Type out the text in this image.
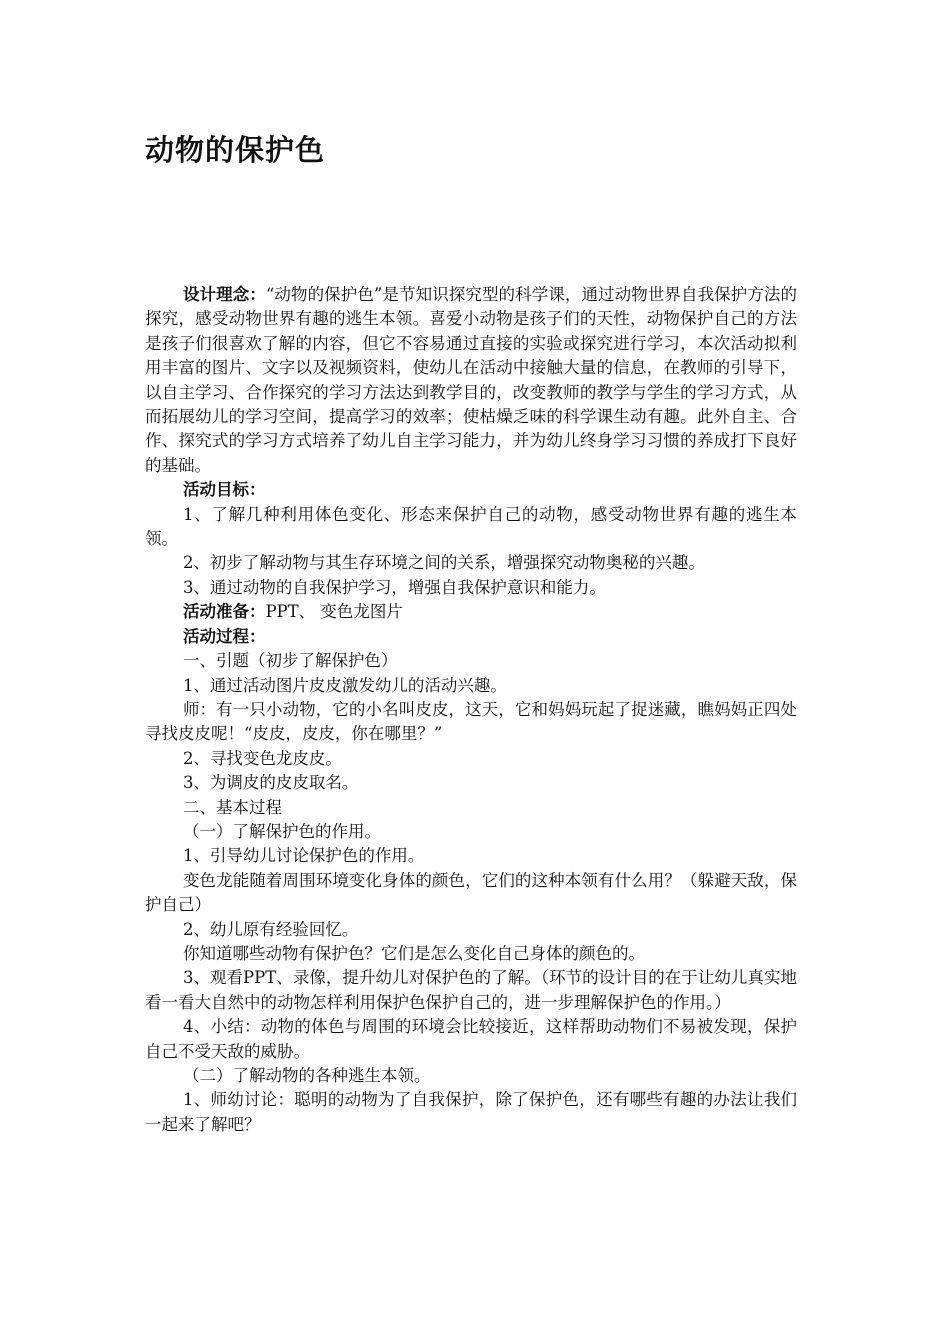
动物的保护色

设计理念：“动物的保护色”是节知识探究型的科学课，通过动物世界自我保护方法的探究，感受动物世界有趣的逃生本领。喜爱小动物是孩子们的天性，动物保护自己的方法是孩子们很喜欢了解的内容，但它不容易通过直接的实验或探究进行学习，本次活动拟利用丰富的图片、文字以及视频资料，使幼儿在活动中接触大量的信息，在教师的引导下，以自主学习、合作探究的学习方法达到教学目的，改变教师的教学与学生的学习方式，从而拓展幼儿的学习空间，提高学习的效率；使枯燥乏味的科学课生动有趣。此外自主、合作、探究式的学习方式培养了幼儿自主学习能力，并为幼儿终身学习习惯的养成打下良好的基础。

活动目标：

1、了解几种利用体色变化、形态来保护自己的动物，感受动物世界有趣的逃生本领。

2、初步了解动物与其生存环境之间的关系，增强探究动物奥秘的兴趣。

3、通过动物的自我保护学习，增强自我保护意识和能力。

活动准备：PPT、 变色龙图片

活动过程：

一、引题（初步了解保护色）

1、通过活动图片皮皮激发幼儿的活动兴趣。

师：有一只小动物，它的小名叫皮皮，这天，它和妈妈玩起了捉迷藏，瞧妈妈正四处寻找皮皮呢！“皮皮，皮皮，你在哪里？”

2、寻找变色龙皮皮。

3、为调皮的皮皮取名。

二、基本过程

（一）了解保护色的作用。

1、引导幼儿讨论保护色的作用。

变色龙能随着周围环境变化身体的颜色，它们的这种本领有什么用？（躲避天敌，保护自己）

2、幼儿原有经验回忆。

你知道哪些动物有保护色？它们是怎么变化自己身体的颜色的。

3、观看PPT、录像，提升幼儿对保护色的了解。（环节的设计目的在于让幼儿真实地看一看大自然中的动物怎样利用保护色保护自己的，进一步理解保护色的作用。）

4、小结：动物的体色与周围的环境会比较接近，这样帮助动物们不易被发现，保护自己不受天敌的威胁。

（二）了解动物的各种逃生本领。

1、师幼讨论：聪明的动物为了自我保护，除了保护色，还有哪些有趣的办法让我们一起来了解吧？
